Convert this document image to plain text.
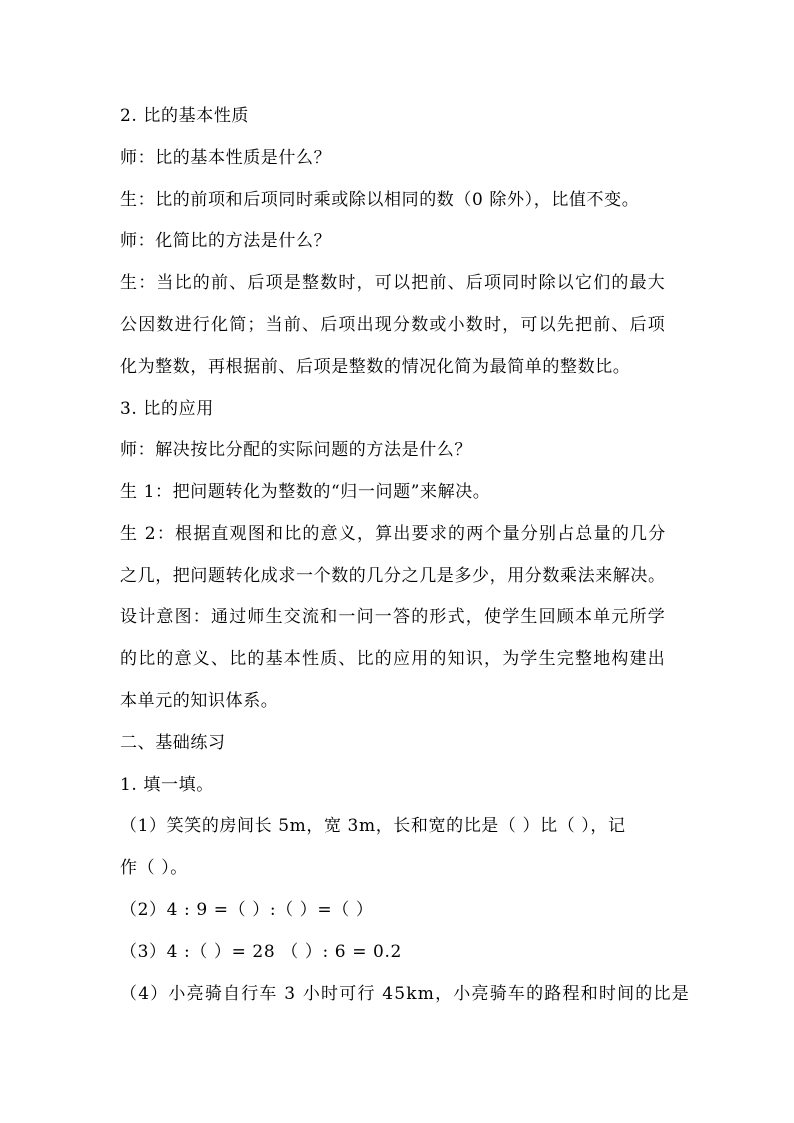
2. 比的基本性质
师：比的基本性质是什么？
生：比的前项和后项同时乘或除以相同的数（0 除外），比值不变。
师：化简比的方法是什么？
生：当比的前、后项是整数时，可以把前、后项同时除以它们的最大
公因数进行化简；当前、后项出现分数或小数时，可以先把前、后项
化为整数，再根据前、后项是整数的情况化简为最简单的整数比。
3. 比的应用
师：解决按比分配的实际问题的方法是什么？
生 1：把问题转化为整数的“归一问题”来解决。
生 2：根据直观图和比的意义，算出要求的两个量分别占总量的几分
之几，把问题转化成求一个数的几分之几是多少，用分数乘法来解决。
设计意图：通过师生交流和一问一答的形式，使学生回顾本单元所学
的比的意义、比的基本性质、比的应用的知识，为学生完整地构建出
本单元的知识体系。
二、基础练习
1. 填一填。
（1）笑笑的房间长 5m，宽 3m，长和宽的比是（ ）比（ ），记
作（ ）。
（2）4 : 9 =（ ）:（ ）=（ ）
（3）4 :（ ）= 28 （ ）: 6 = 0.2
（4）小亮骑自行车 3 小时可行 45km，小亮骑车的路程和时间的比是
